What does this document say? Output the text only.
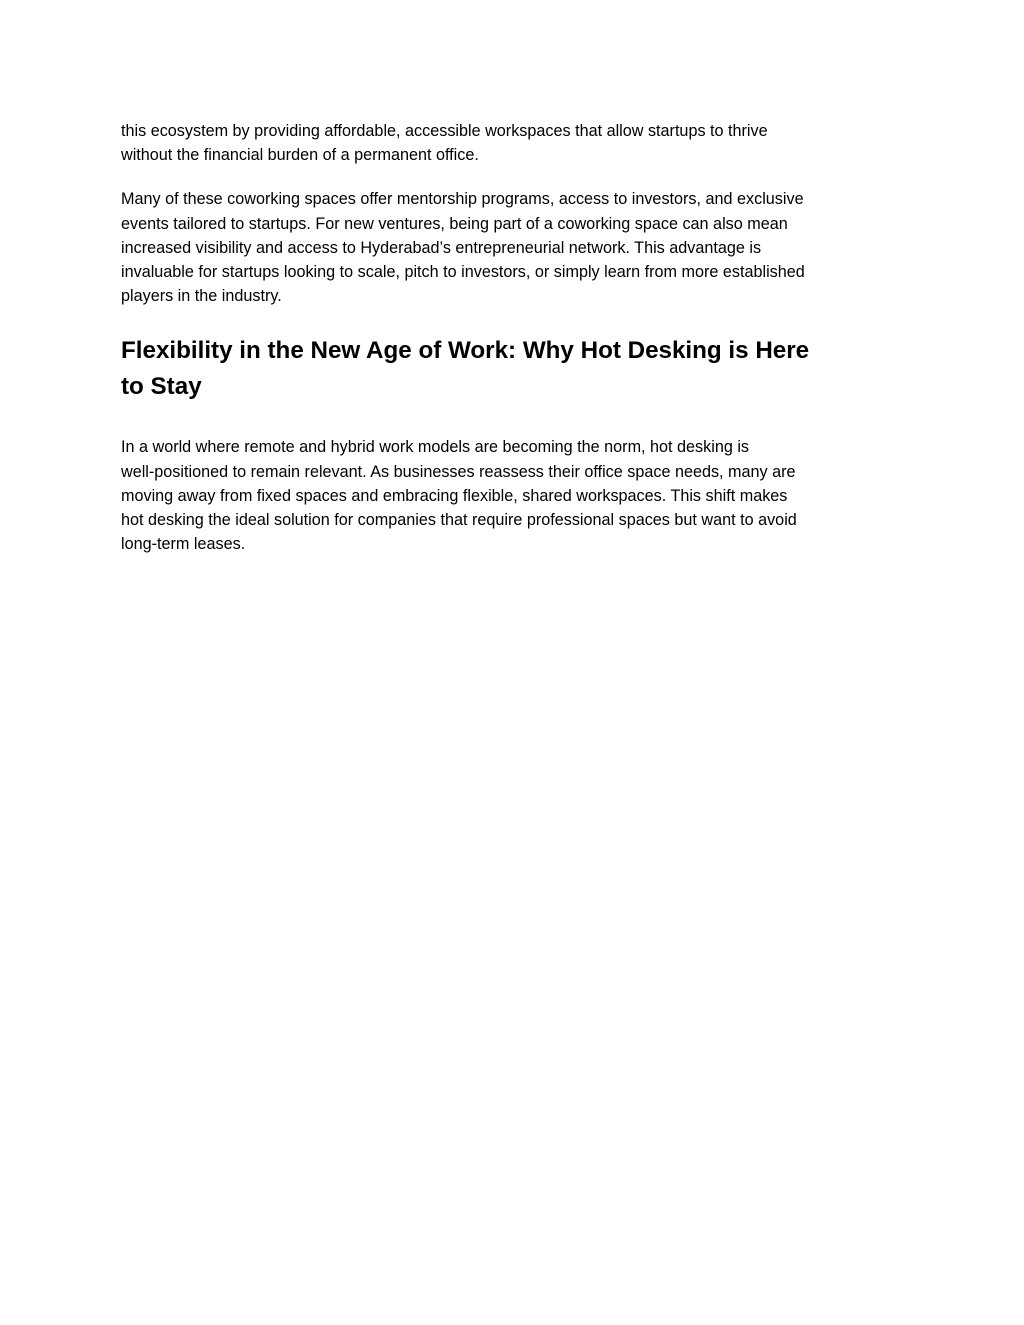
this ecosystem by providing affordable, accessible workspaces that allow startups to thrive
without the financial burden of a permanent office.

Many of these coworking spaces offer mentorship programs, access to investors, and exclusive
events tailored to startups. For new ventures, being part of a coworking space can also mean
increased visibility and access to Hyderabad’s entrepreneurial network. This advantage is
invaluable for startups looking to scale, pitch to investors, or simply learn from more established
players in the industry.

Flexibility in the New Age of Work: Why Hot Desking is Here
to Stay

In a world where remote and hybrid work models are becoming the norm, hot desking is
well-positioned to remain relevant. As businesses reassess their office space needs, many are
moving away from fixed spaces and embracing flexible, shared workspaces. This shift makes
hot desking the ideal solution for companies that require professional spaces but want to avoid
long-term leases.
